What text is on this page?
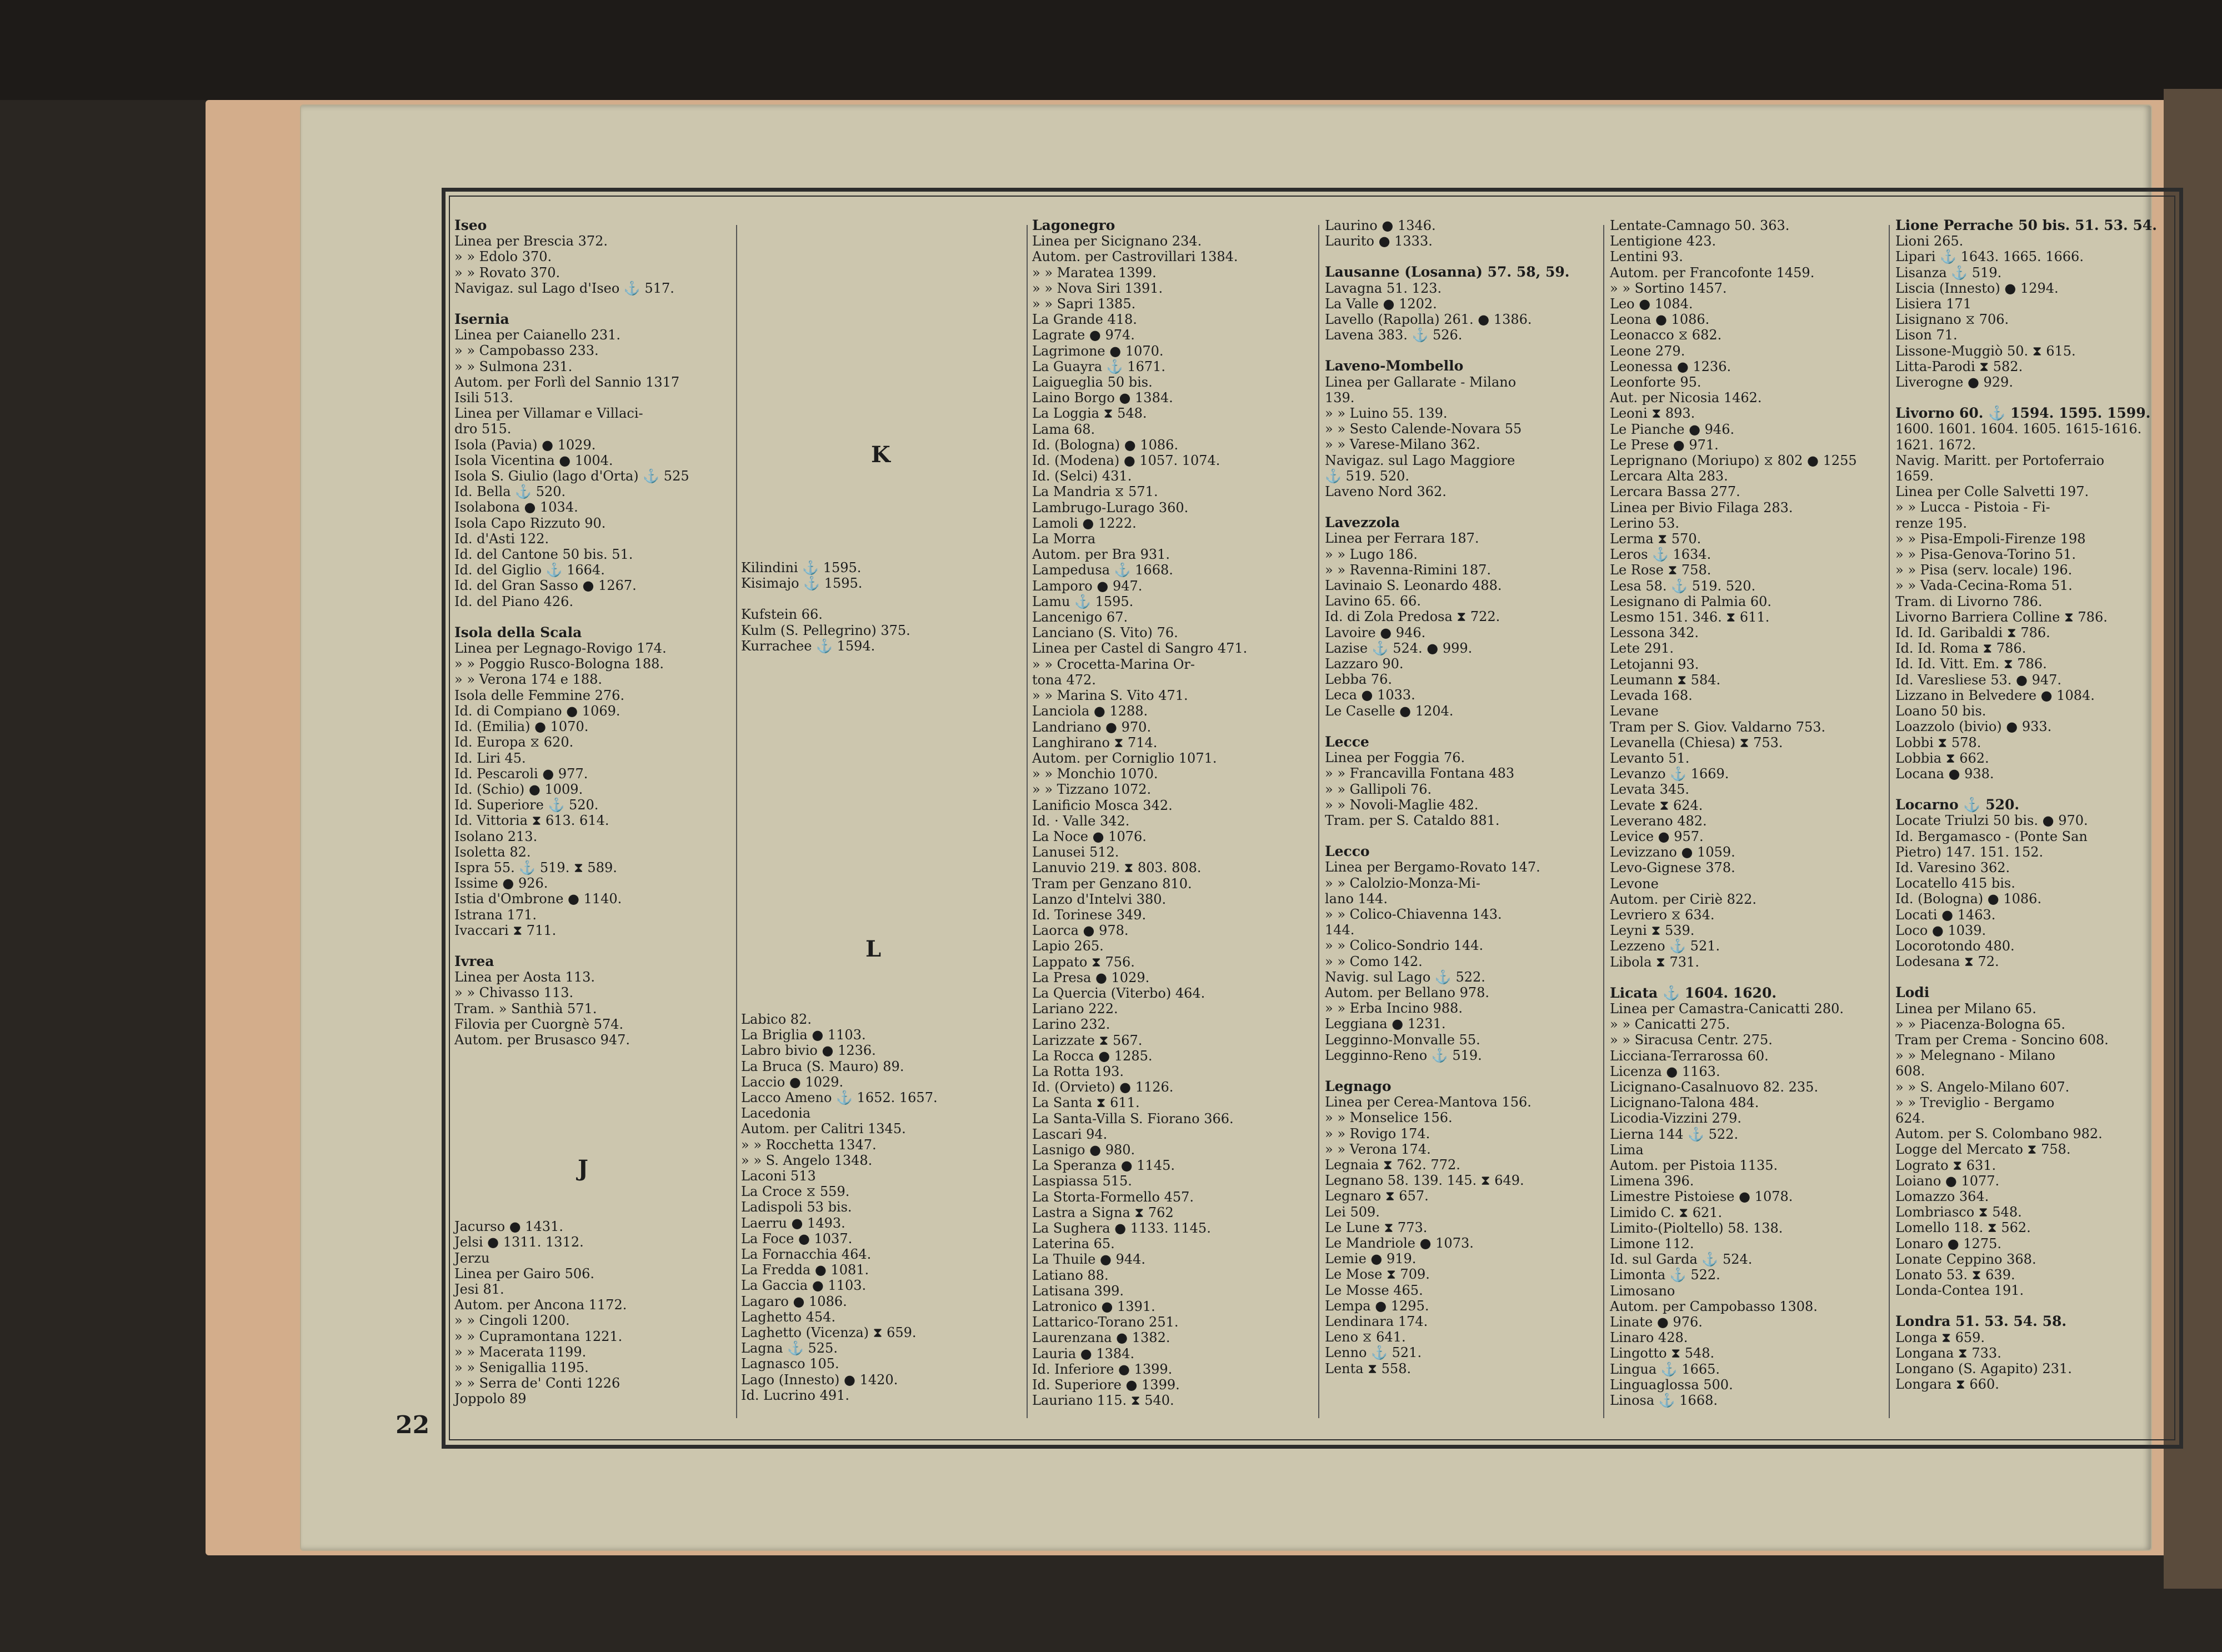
Iseo
Linea per Brescia 372.
» » Edolo 370.
» » Rovato 370.
Navigaz. sul Lago d'Iseo ⚓ 517.
Isernia
Linea per Caianello 231.
» » Campobasso 233.
» » Sulmona 231.
Autom. per Forlì del Sannio 1317
Isili 513.
Linea per Villamar e Villaci-
dro 515.
Isola (Pavia) ● 1029.
Isola Vicentina ● 1004.
Isola S. Giulio (lago d'Orta) ⚓ 525
Id. Bella ⚓ 520.
Isolabona ● 1034.
Isola Capo Rizzuto 90.
Id. d'Asti 122.
Id. del Cantone 50 bis. 51.
Id. del Giglio ⚓ 1664.
Id. del Gran Sasso ● 1267.
Id. del Piano 426.
Isola della Scala
Linea per Legnago-Rovigo 174.
» » Poggio Rusco-Bologna 188.
» » Verona 174 e 188.
Isola delle Femmine 276.
Id. di Compiano ● 1069.
Id. (Emilia) ● 1070.
Id. Europa ⧖ 620.
Id. Liri 45.
Id. Pescaroli ● 977.
Id. (Schio) ● 1009.
Id. Superiore ⚓ 520.
Id. Vittoria ⧗ 613. 614.
Isolano 213.
Isoletta 82.
Ispra 55. ⚓ 519. ⧗ 589.
Issime ● 926.
Istia d'Ombrone ● 1140.
Istrana 171.
Ivaccari ⧗ 711.
Ivrea
Linea per Aosta 113.
» » Chivasso 113.
Tram. » Santhià 571.
Filovia per Cuorgnè 574.
Autom. per Brusasco 947.
Jacurso ● 1431.
Jelsi ● 1311. 1312.
Jerzu
Linea per Gairo 506.
Jesi 81.
Autom. per Ancona 1172.
» » Cingoli 1200.
» » Cupramontana 1221.
» » Macerata 1199.
» » Senigallia 1195.
» » Serra de' Conti 1226
Joppolo 89
Kilindini ⚓ 1595.
Kisimajo ⚓ 1595.
Kufstein 66.
Kulm (S. Pellegrino) 375.
Kurrachee ⚓ 1594.
Labico 82.
La Briglia ● 1103.
Labro bivio ● 1236.
La Bruca (S. Mauro) 89.
Laccio ● 1029.
Lacco Ameno ⚓ 1652. 1657.
Lacedonia
Autom. per Calitri 1345.
» » Rocchetta 1347.
» » S. Angelo 1348.
Laconi 513
La Croce ⧖ 559.
Ladispoli 53 bis.
Laerru ● 1493.
La Foce ● 1037.
La Fornacchia 464.
La Fredda ● 1081.
La Gaccia ● 1103.
Lagaro ● 1086.
Laghetto 454.
Laghetto (Vicenza) ⧗ 659.
Lagna ⚓ 525.
Lagnasco 105.
Lago (Innesto) ● 1420.
Id. Lucrino 491.
Lagonegro
Linea per Sicignano 234.
Autom. per Castrovillari 1384.
» » Maratea 1399.
» » Nova Siri 1391.
» » Sapri 1385.
La Grande 418.
Lagrate ● 974.
Lagrimone ● 1070.
La Guayra ⚓ 1671.
Laigueglia 50 bis.
Laino Borgo ● 1384.
La Loggia ⧗ 548.
Lama 68.
Id. (Bologna) ● 1086.
Id. (Modena) ● 1057. 1074.
Id. (Selci) 431.
La Mandria ⧖ 571.
Lambrugo-Lurago 360.
Lamoli ● 1222.
La Morra
Autom. per Bra 931.
Lampedusa ⚓ 1668.
Lamporo ● 947.
Lamu ⚓ 1595.
Lancenigo 67.
Lanciano (S. Vito) 76.
Linea per Castel di Sangro 471.
» » Crocetta-Marina Or-
tona 472.
» » Marina S. Vito 471.
Lanciola ● 1288.
Landriano ● 970.
Langhirano ⧗ 714.
Autom. per Corniglio 1071.
» » Monchio 1070.
» » Tizzano 1072.
Lanificio Mosca 342.
Id. · Valle 342.
La Noce ● 1076.
Lanusei 512.
Lanuvio 219. ⧗ 803. 808.
Tram per Genzano 810.
Lanzo d'Intelvi 380.
Id. Torinese 349.
Laorca ● 978.
Lapio 265.
Lappato ⧗ 756.
La Presa ● 1029.
La Quercia (Viterbo) 464.
Lariano 222.
Larino 232.
Larizzate ⧗ 567.
La Rocca ● 1285.
La Rotta 193.
Id. (Orvieto) ● 1126.
La Santa ⧗ 611.
La Santa-Villa S. Fiorano 366.
Lascari 94.
Lasnigo ● 980.
La Speranza ● 1145.
Laspiassa 515.
La Storta-Formello 457.
Lastra a Signa ⧗ 762
La Sughera ● 1133. 1145.
Laterina 65.
La Thuile ● 944.
Latiano 88.
Latisana 399.
Latronico ● 1391.
Lattarico-Torano 251.
Laurenzana ● 1382.
Lauria ● 1384.
Id. Inferiore ● 1399.
Id. Superiore ● 1399.
Lauriano 115. ⧗ 540.
Laurino ● 1346.
Laurito ● 1333.
Lausanne (Losanna) 57. 58, 59.
Lavagna 51. 123.
La Valle ● 1202.
Lavello (Rapolla) 261. ● 1386.
Lavena 383. ⚓ 526.
Laveno-Mombello
Linea per Gallarate - Milano
139.
» » Luino 55. 139.
» » Sesto Calende-Novara 55
» » Varese-Milano 362.
Navigaz. sul Lago Maggiore
⚓ 519. 520.
Laveno Nord 362.
Lavezzola
Linea per Ferrara 187.
» » Lugo 186.
» » Ravenna-Rimini 187.
Lavinaio S. Leonardo 488.
Lavino 65. 66.
Id. di Zola Predosa ⧗ 722.
Lavoire ● 946.
Lazise ⚓ 524. ● 999.
Lazzaro 90.
Lebba 76.
Leca ● 1033.
Le Caselle ● 1204.
Lecce
Linea per Foggia 76.
» » Francavilla Fontana 483
» » Gallipoli 76.
» » Novoli-Maglie 482.
Tram. per S. Cataldo 881.
Lecco
Linea per Bergamo-Rovato 147.
» » Calolzio-Monza-Mi-
lano 144.
» » Colico-Chiavenna 143.
144.
» » Colico-Sondrio 144.
» » Como 142.
Navig. sul Lago ⚓ 522.
Autom. per Bellano 978.
» » Erba Incino 988.
Leggiana ● 1231.
Legginno-Monvalle 55.
Legginno-Reno ⚓ 519.
Legnago
Linea per Cerea-Mantova 156.
» » Monselice 156.
» » Rovigo 174.
» » Verona 174.
Legnaia ⧗ 762. 772.
Legnano 58. 139. 145. ⧗ 649.
Legnaro ⧗ 657.
Lei 509.
Le Lune ⧗ 773.
Le Mandriole ● 1073.
Lemie ● 919.
Le Mose ⧗ 709.
Le Mosse 465.
Lempa ● 1295.
Lendinara 174.
Leno ⧖ 641.
Lenno ⚓ 521.
Lenta ⧗ 558.
Lentate-Camnago 50. 363.
Lentigione 423.
Lentini 93.
Autom. per Francofonte 1459.
» » Sortino 1457.
Leo ● 1084.
Leona ● 1086.
Leonacco ⧖ 682.
Leone 279.
Leonessa ● 1236.
Leonforte 95.
Aut. per Nicosia 1462.
Leoni ⧗ 893.
Le Pianche ● 946.
Le Prese ● 971.
Leprignano (Moriupo) ⧖ 802 ● 1255
Lercara Alta 283.
Lercara Bassa 277.
Linea per Bivio Filaga 283.
Lerino 53.
Lerma ⧗ 570.
Leros ⚓ 1634.
Le Rose ⧗ 758.
Lesa 58. ⚓ 519. 520.
Lesignano di Palmia 60.
Lesmo 151. 346. ⧗ 611.
Lessona 342.
Lete 291.
Letojanni 93.
Leumann ⧗ 584.
Levada 168.
Levane
Tram per S. Giov. Valdarno 753.
Levanella (Chiesa) ⧗ 753.
Levanto 51.
Levanzo ⚓ 1669.
Levata 345.
Levate ⧗ 624.
Leverano 482.
Levice ● 957.
Levizzano ● 1059.
Levo-Gignese 378.
Levone
Autom. per Ciriè 822.
Levriero ⧖ 634.
Leyni ⧗ 539.
Lezzeno ⚓ 521.
Libola ⧗ 731.
Licata ⚓ 1604. 1620.
Linea per Camastra-Canicatti 280.
» » Canicatti 275.
» » Siracusa Centr. 275.
Licciana-Terrarossa 60.
Licenza ● 1163.
Licignano-Casalnuovo 82. 235.
Licignano-Talona 484.
Licodia-Vizzini 279.
Lierna 144 ⚓ 522.
Lima
Autom. per Pistoia 1135.
Limena 396.
Limestre Pistoiese ● 1078.
Limido C. ⧗ 621.
Limito-(Pioltello) 58. 138.
Limone 112.
Id. sul Garda ⚓ 524.
Limonta ⚓ 522.
Limosano
Autom. per Campobasso 1308.
Linate ● 976.
Linaro 428.
Lingotto ⧗ 548.
Linguа ⚓ 1665.
Linguaglossa 500.
Linosa ⚓ 1668.
Lione Perrache 50 bis. 51. 53. 54.
Lioni 265.
Lipari ⚓ 1643. 1665. 1666.
Lisanza ⚓ 519.
Liscia (Innesto) ● 1294.
Lisiera 171
Lisignano ⧖ 706.
Lison 71.
Lissone-Muggiò 50. ⧗ 615.
Litta-Parodi ⧗ 582.
Liverogne ● 929.
Livorno 60. ⚓ 1594. 1595. 1599.
1600. 1601. 1604. 1605. 1615-1616.
1621. 1672.
Navig. Maritt. per Portoferraio
1659.
Linea per Colle Salvetti 197.
» » Lucca - Pistoia - Fi-
renze 195.
» » Pisa-Empoli-Firenze 198
» » Pisa-Genova-Torino 51.
» » Pisa (serv. locale) 196.
» » Vada-Cecina-Roma 51.
Tram. di Livorno 786.
Livorno Barriera Colline ⧗ 786.
Id. Id. Garibaldi ⧗ 786.
Id. Id. Roma ⧗ 786.
Id. Id. Vitt. Em. ⧗ 786.
Id. Varesliese 53. ● 947.
Lizzano in Belvedere ● 1084.
Loano 50 bis.
Loazzolo (bivio) ● 933.
Lobbi ⧗ 578.
Lobbia ⧗ 662.
Locana ● 938.
Locarno ⚓ 520.
Locate Triulzi 50 bis. ● 970.
Id. Bergamasco - (Ponte San
Pietro) 147. 151. 152.
Id. Varesino 362.
Locatello 415 bis.
Id. (Bologna) ● 1086.
Locati ● 1463.
Loco ● 1039.
Locorotondo 480.
Lodesana ⧗ 72.
Lodi
Linea per Milano 65.
» » Piacenza-Bologna 65.
Tram per Crema - Soncino 608.
» » Melegnano - Milano
608.
» » S. Angelo-Milano 607.
» » Treviglio - Bergamo
624.
Autom. per S. Colombano 982.
Logge del Mercato ⧗ 758.
Lograto ⧗ 631.
Loiano ● 1077.
Lomazzo 364.
Lombriasco ⧗ 548.
Lomello 118. ⧗ 562.
Lonaro ● 1275.
Lonate Ceppino 368.
Lonato 53. ⧗ 639.
Londa-Contea 191.
Londra 51. 53. 54. 58.
Longa ⧗ 659.
Longana ⧗ 733.
Longano (S. Agapito) 231.
Longara ⧗ 660.
K
L
J
22
